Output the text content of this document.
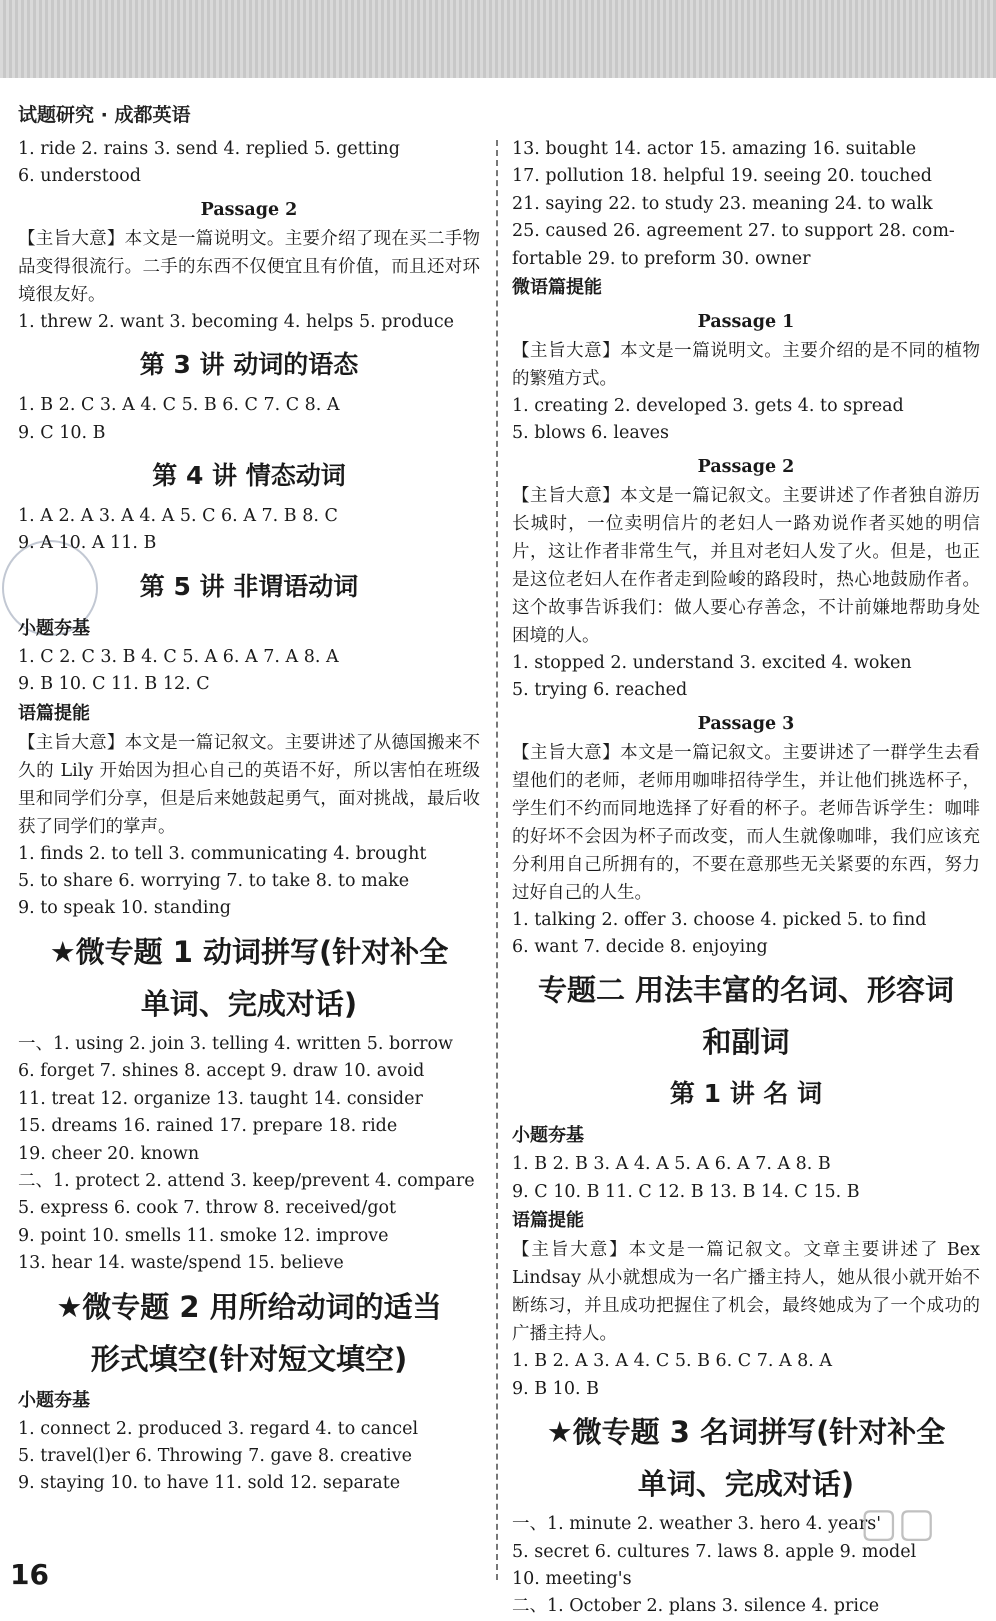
试题研究 · 成都英语
1. ride 2. rains 3. send 4. replied 5. getting
6. understood
Passage 2
【主旨大意】本文是一篇说明文。主要介绍了现在买二手物品变得很流行。二手的东西不仅便宜且有价值，而且还对环境很友好。
1. threw 2. want 3. becoming 4. helps 5. produce
第 3 讲 动词的语态
1. B 2. C 3. A 4. C 5. B 6. C 7. C 8. A
9. C 10. B
第 4 讲 情态动词
1. A 2. A 3. A 4. A 5. C 6. A 7. B 8. C
9. A 10. A 11. B
第 5 讲 非谓语动词
小题夯基
1. C 2. C 3. B 4. C 5. A 6. A 7. A 8. A
9. B 10. C 11. B 12. C
语篇提能
【主旨大意】本文是一篇记叙文。主要讲述了从德国搬来不久的 Lily 开始因为担心自己的英语不好，所以害怕在班级里和同学们分享，但是后来她鼓起勇气，面对挑战，最后收获了同学们的掌声。
1. finds 2. to tell 3. communicating 4. brought
5. to share 6. worrying 7. to take 8. to make
9. to speak 10. standing
★微专题 1 动词拼写(针对补全
单词、完成对话)
一、1. using 2. join 3. telling 4. written 5. borrow
6. forget 7. shines 8. accept 9. draw 10. avoid
11. treat 12. organize 13. taught 14. consider
15. dreams 16. rained 17. prepare 18. ride
19. cheer 20. known
二、1. protect 2. attend 3. keep/prevent 4. compare
5. express 6. cook 7. throw 8. received/got
9. point 10. smells 11. smoke 12. improve
13. hear 14. waste/spend 15. believe
★微专题 2 用所给动词的适当
形式填空(针对短文填空)
小题夯基
1. connect 2. produced 3. regard 4. to cancel
5. travel(l)er 6. Throwing 7. gave 8. creative
9. staying 10. to have 11. sold 12. separate
13. bought 14. actor 15. amazing 16. suitable
17. pollution 18. helpful 19. seeing 20. touched
21. saying 22. to study 23. meaning 24. to walk
25. caused 26. agreement 27. to support 28. com-
fortable 29. to preform 30. owner
微语篇提能
Passage 1
【主旨大意】本文是一篇说明文。主要介绍的是不同的植物的繁殖方式。
1. creating 2. developed 3. gets 4. to spread
5. blows 6. leaves
Passage 2
【主旨大意】本文是一篇记叙文。主要讲述了作者独自游历长城时，一位卖明信片的老妇人一路劝说作者买她的明信片，这让作者非常生气，并且对老妇人发了火。但是，也正是这位老妇人在作者走到险峻的路段时，热心地鼓励作者。这个故事告诉我们：做人要心存善念，不计前嫌地帮助身处困境的人。
1. stopped 2. understand 3. excited 4. woken
5. trying 6. reached
Passage 3
【主旨大意】本文是一篇记叙文。主要讲述了一群学生去看望他们的老师，老师用咖啡招待学生，并让他们挑选杯子，学生们不约而同地选择了好看的杯子。老师告诉学生：咖啡的好坏不会因为杯子而改变，而人生就像咖啡，我们应该充分利用自己所拥有的，不要在意那些无关紧要的东西，努力过好自己的人生。
1. talking 2. offer 3. choose 4. picked 5. to find
6. want 7. decide 8. enjoying
专题二 用法丰富的名词、形容词
和副词
第 1 讲 名 词
小题夯基
1. B 2. B 3. A 4. A 5. A 6. A 7. A 8. B
9. C 10. B 11. C 12. B 13. B 14. C 15. B
语篇提能
【主旨大意】本文是一篇记叙文。文章主要讲述了 Bex Lindsay 从小就想成为一名广播主持人，她从很小就开始不断练习，并且成功把握住了机会，最终她成为了一个成功的广播主持人。
1. B 2. A 3. A 4. C 5. B 6. C 7. A 8. A
9. B 10. B
★微专题 3 名词拼写(针对补全
单词、完成对话)
一、1. minute 2. weather 3. hero 4. years'
5. secret 6. cultures 7. laws 8. apple 9. model
10. meeting's
二、1. October 2. plans 3. silence 4. price
16
▢▢
